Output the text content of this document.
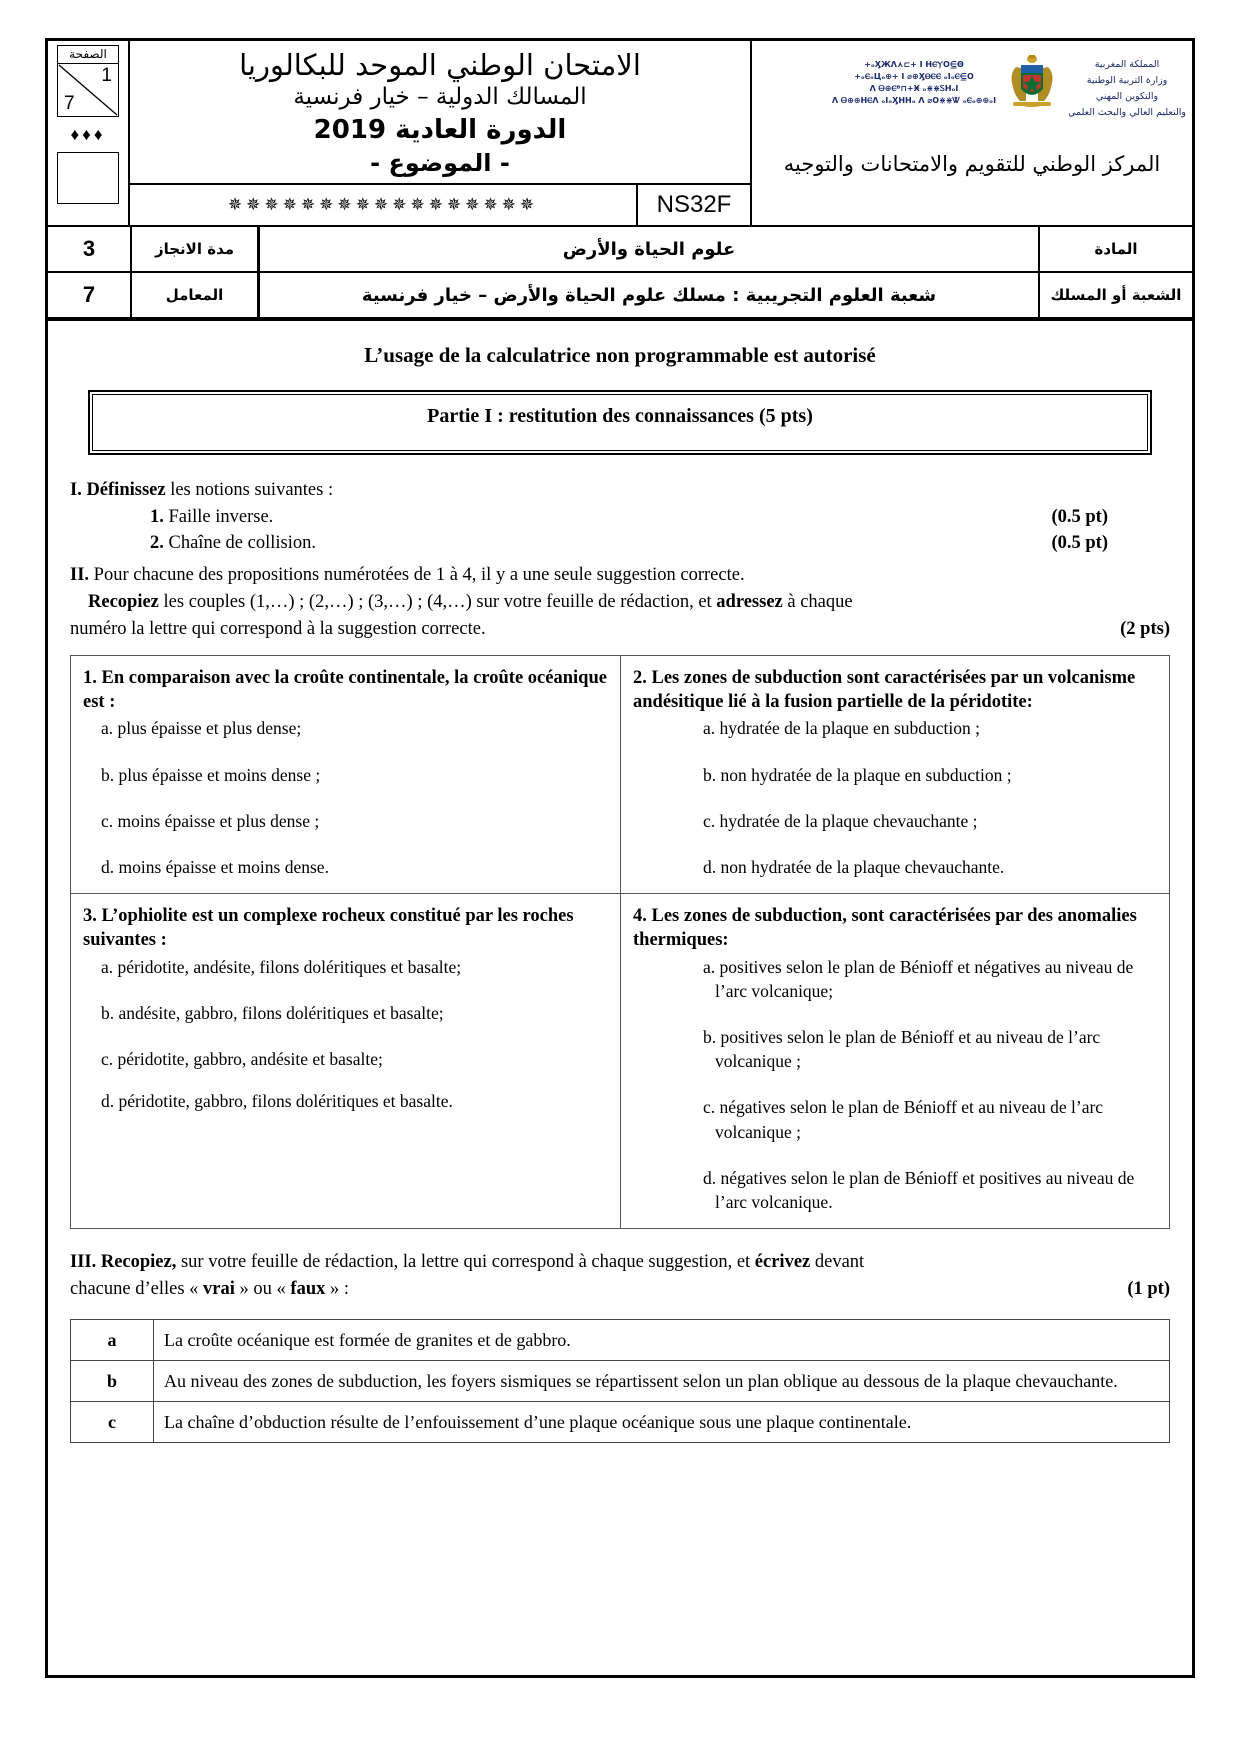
الصفحة
1
7
♦♦♦
الامتحان الوطني الموحد للبكالوريا
المسالك الدولية – خيار فرنسية
الدورة العادية 2019
- الموضوع -
✵✵✵✵✵✵✵✵✵✵✵✵✵✵✵✵✵	NS32F
+ₒӼЖΛ⋏⊏+ І ΗⲈⲨΟ⋸Θ
+ₒⲈₒЦₒ⊕+ І ⌀⊕ӼⲐⲈⲈ ₒІₒⲈ⋸Ο
Λ Ꮎ⊕Ⲉᴮ⊓+Ӿ ₒ⋇⋇ᏚΗₒІ
Λ Ꮎ⊕⊕ΗⲈΛ ₒІₒӼΗΗₒ Λ ⌀Ο⋇⋇Ꮤ ₒⲈₒ⊕⊕ₒІ
المملكة المغربية
وزارة التربية الوطنية
والتكوين المهني
والتعليم العالي والبحث العلمي
المركز الوطني للتقويم والامتحانات والتوجيه
3	مدة الانجاز	علوم الحياة والأرض	المادة
7	المعامل	شعبة العلوم التجريبية : مسلك علوم الحياة والأرض – خيار فرنسية	الشعبة أو المسلك
L’usage de la calculatrice non programmable est autorisé
Partie I : restitution des connaissances (5 pts)
I. Définissez les notions suivantes :
1. Faille inverse.	(0.5 pt)
2. Chaîne de collision.	(0.5 pt)
II. Pour chacune des propositions numérotées de 1 à 4, il y a une seule suggestion correcte.
Recopiez les couples (1,…) ; (2,…) ; (3,…) ; (4,…) sur votre feuille de rédaction, et adressez à chaque
numéro la lettre qui correspond à la suggestion correcte.	(2 pts)
1. En comparaison avec la croûte continentale, la croûte océanique est :
a. plus épaisse et plus dense;
b. plus épaisse et moins dense ;
c. moins épaisse et plus dense ;
d. moins épaisse et moins dense.
2. Les zones de subduction sont caractérisées par un volcanisme andésitique lié à la fusion partielle de la péridotite:
a. hydratée de la plaque en subduction ;
b. non hydratée de la plaque en subduction ;
c. hydratée de la plaque chevauchante ;
d. non hydratée de la plaque chevauchante.
3. L’ophiolite est un complexe rocheux constitué par les roches suivantes :
a. péridotite, andésite, filons doléritiques et basalte;
b. andésite, gabbro, filons doléritiques et basalte;
c. péridotite, gabbro, andésite et basalte;
d. péridotite, gabbro, filons doléritiques et basalte.
4. Les zones de subduction, sont caractérisées par des anomalies thermiques:
a. positives selon le plan de Bénioff et négatives au niveau de l’arc volcanique;
b. positives selon le plan de Bénioff et au niveau de l’arc volcanique ;
c. négatives selon le plan de Bénioff et au niveau de l’arc volcanique ;
d. négatives selon le plan de Bénioff et positives au niveau de l’arc volcanique.
III. Recopiez, sur votre feuille de rédaction, la lettre qui correspond à chaque suggestion, et écrivez devant
chacune d’elles « vrai » ou « faux » :	(1 pt)
a	La croûte océanique est formée de granites et de gabbro.
b	Au niveau des zones de subduction, les foyers sismiques se répartissent selon un plan oblique au dessous de la plaque chevauchante.
c	La chaîne d’obduction résulte de l’enfouissement d’une plaque océanique sous une plaque continentale.
